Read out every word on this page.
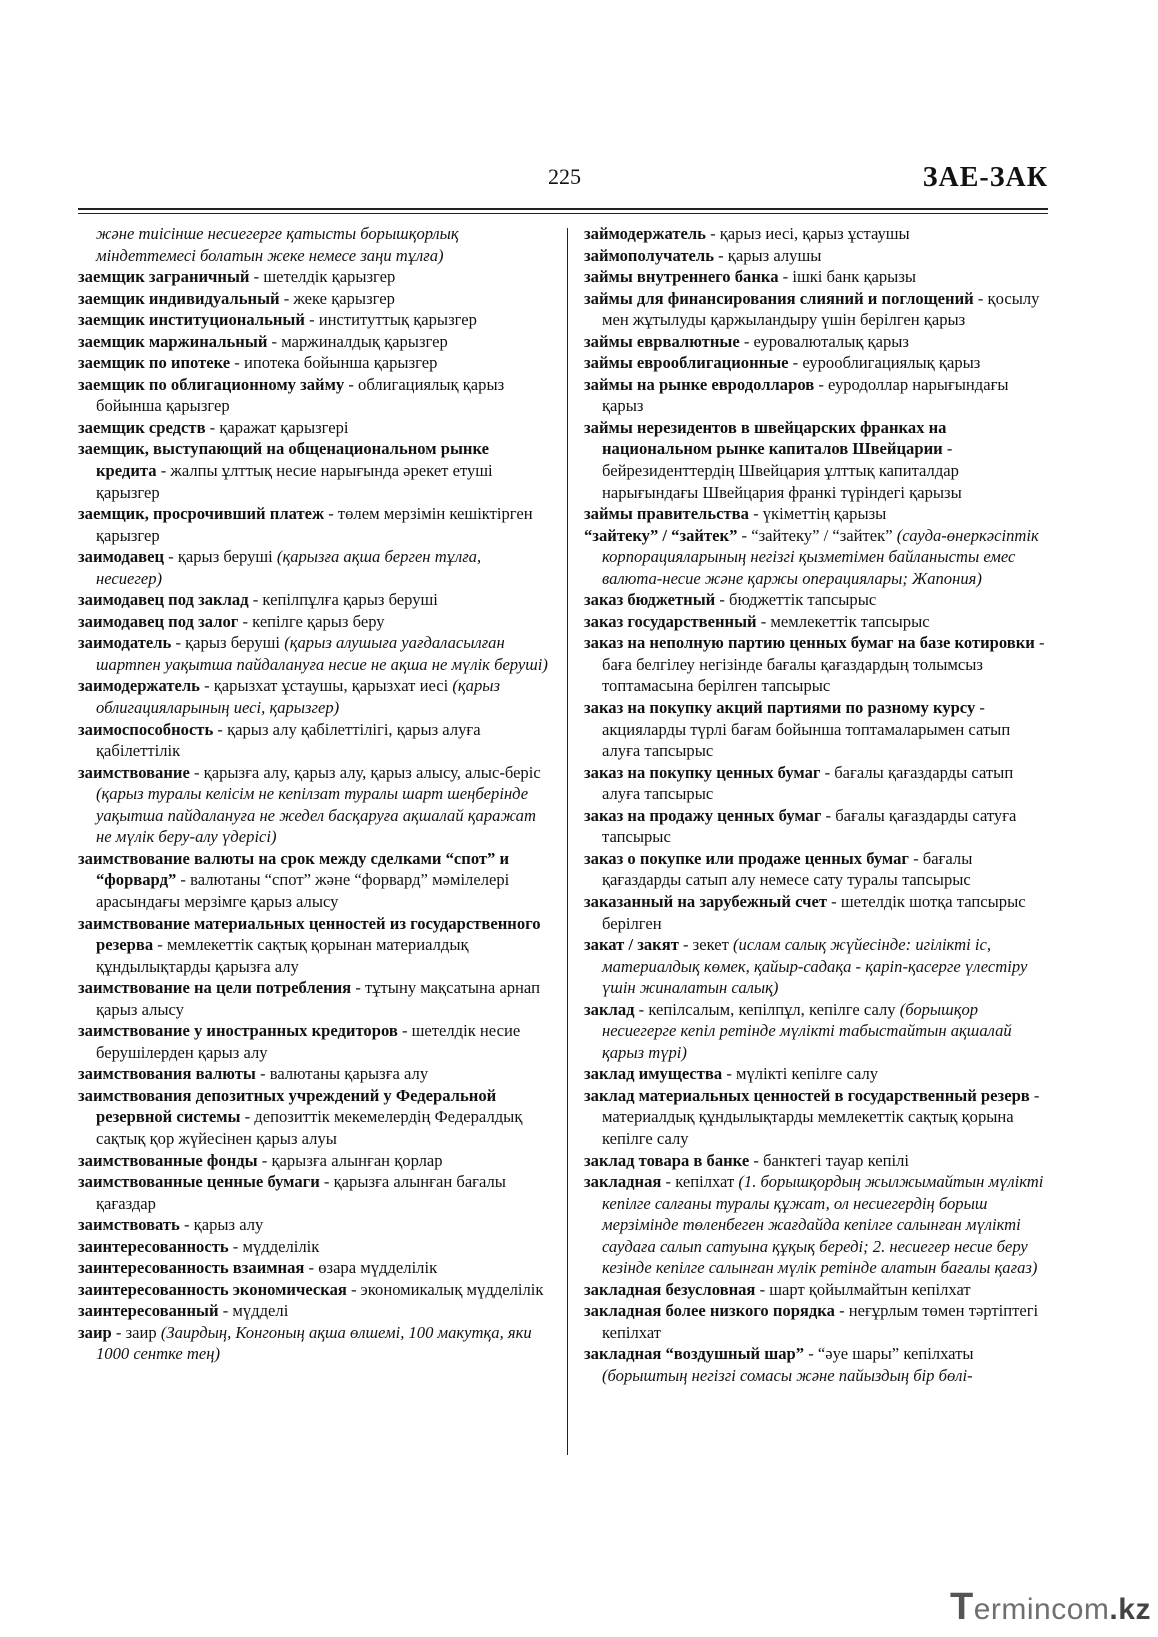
225	ЗАЕ-ЗАК

және тиісінше несиегерге қатысты борышқорлық міндеттемесі болатын жеке немесе заңи тұлға)

заемщик заграничный - шетелдік қарызгер

заемщик индивидуальный - жеке қарызгер

заемщик институциональный - институттық қарызгер

заемщик маржинальный - маржиналдық қарызгер

заемщик по ипотеке - ипотека бойынша қарызгер

заемщик по облигационному займу - облигациялық қарыз бойынша қарызгер

заемщик средств - қаражат қарызгері

заемщик, выступающий на общенациональном рынке кредита - жалпы ұлттық несие нарығында әрекет етуші қарызгер

заемщик, просрочивший платеж - төлем мерзімін кешіктірген қарызгер

заимодавец - қарыз беруші (қарызға ақша берген тұлға, несиегер)

заимодавец под заклад - кепілпұлға қарыз беруші

заимодавец под залог - кепілге қарыз беру

заимодатель - қарыз беруші (қарыз алушыға уағдаласылған шартпен уақытша пайдалануға несие не ақша не мүлік беруші)

заимодержатель - қарызхат ұстаушы, қарызхат иесі (қарыз облигацияларының иесі, қарызгер)

заимоспособность - қарыз алу қабілеттілігі, қарыз алуға қабілеттілік

заимствование - қарызға алу, қарыз алу, қарыз алысу, алыс-беріс (қарыз туралы келісім не кепілзат туралы шарт шеңберінде уақытша пайдалануға не жедел басқаруға ақшалай қаражат не мүлік беру-алу үдерісі)

заимствование валюты на срок между сделками “спот” и “форвард” - валютаны “спот” және “форвард” мәмілелері арасындағы мерзімге қарыз алысу

заимствование материальных ценностей из государственного резерва - мемлекеттік сақтық қорынан материалдық құндылықтарды қарызға алу

заимствование на цели потребления - тұтыну мақсатына арнап қарыз алысу

заимствование у иностранных кредиторов - шетелдік несие берушілерден қарыз алу

заимствования валюты - валютаны қарызға алу

заимствования депозитных учреждений у Федеральной резервной системы - депозиттік мекемелердің Федералдық сақтық қор жүйесінен қарыз алуы

заимствованные фонды - қарызға алынған қорлар

заимствованные ценные бумаги - қарызға алынған бағалы қағаздар

заимствовать - қарыз алу

заинтересованность - мүдделілік

заинтересованность взаимная - өзара мүдделілік

заинтересованность экономическая - экономикалық мүдделілік

заинтересованный - мүдделі

заир - заир (Заирдың, Конгоның ақша өлшемі, 100 макутқа, яки 1000 сентке тең)

займодержатель - қарыз иесі, қарыз ұстаушы

займополучатель - қарыз алушы

займы внутреннего банка - ішкі банк қарызы

займы для финансирования слияний и поглощений - қосылу мен жұтылуды қаржыландыру үшін берілген қарыз

займы еврвалютные - еуровалюталық қарыз

займы еврооблигационные - еурооблигациялық қарыз

займы на рынке евродолларов - еуродоллар нарығындағы қарыз

займы нерезидентов в швейцарских франках на национальном рынке капиталов Швейцарии - бейрезиденттердің Швейцария ұлттық капиталдар нарығындағы Швейцария франкі түріндегі қарызы

займы правительства - үкіметтің қарызы

“зайтеку” / “зайтек” - “зайтеку” / “зайтек” (сауда-өнеркәсіптік корпорацияларының негізгі қызметімен байланысты емес валюта-несие және қаржы операциялары; Жапония)

заказ бюджетный - бюджеттік тапсырыс

заказ государственный - мемлекеттік тапсырыс

заказ на неполную партию ценных бумаг на базе котировки - баға белгілеу негізінде бағалы қағаздардың толымсыз топтамасына берілген тапсырыс

заказ на покупку акций партиями по разному курсу - акцияларды түрлі бағам бойынша топтамаларымен сатып алуға тапсырыс

заказ на покупку ценных бумаг - бағалы қағаздарды сатып алуға тапсырыс

заказ на продажу ценных бумаг - бағалы қағаздарды сатуға тапсырыс

заказ о покупке или продаже ценных бумаг - бағалы қағаздарды сатып алу немесе сату туралы тапсырыс

заказанный на зарубежный счет - шетелдік шотқа тапсырыс берілген

закат / закят - зекет (ислам салық жүйесінде: игілікті іс, материалдық көмек, қайыр-садақа - қаріп-қасерге үлестіру үшін жиналатын салық)

заклад - кепілсалым, кепілпұл, кепілге салу (борышқор несиегерге кепіл ретінде мүлікті табыстайтын ақшалай қарыз түрі)

заклад имущества - мүлікті кепілге салу

заклад материальных ценностей в государственный резерв - материалдық құндылықтарды мемлекеттік сақтық қорына кепілге салу

заклад товара в банке - банктегі тауар кепілі

закладная - кепілхат (1. борышқордың жылжымайтын мүлікті кепілге салғаны туралы құжат, ол несиегердің борыш мерзімінде төленбеген жағдайда кепілге салынған мүлікті саудаға салып сатуына құқық береді; 2. несиегер несие беру кезінде кепілге салынған мүлік ретінде алатын бағалы қағаз)

закладная безусловная - шарт қойылмайтын кепілхат

закладная более низкого порядка - неғұрлым төмен тәртіптегі кепілхат

закладная “воздушный шар” - “әуе шары” кепілхаты (борыштың негізгі сомасы және пайыздың бір бөлі-

Termincom.kz
